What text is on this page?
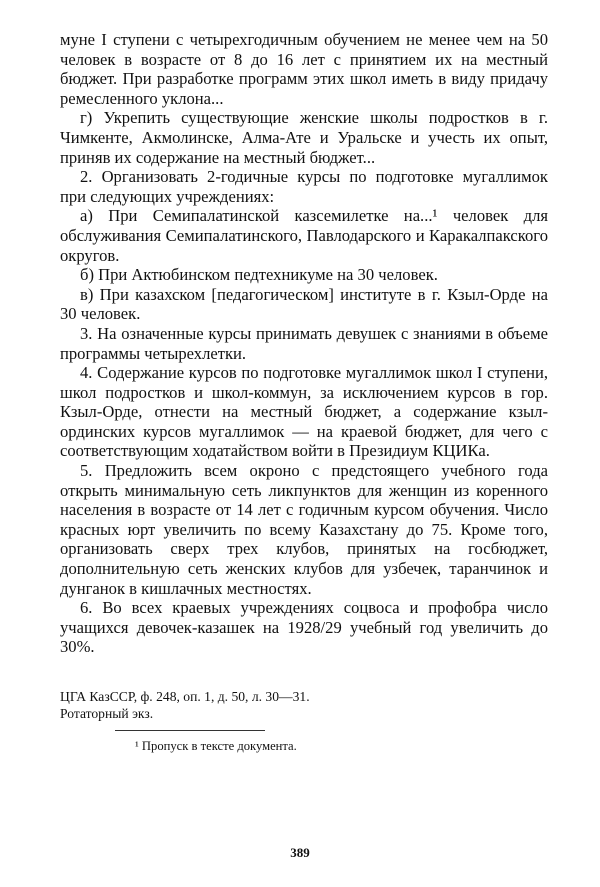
муне I ступени с четырехгодичным обучением не менее чем на 50 человек в возрасте от 8 до 16 лет с принятием их на местный бюджет. При разработке программ этих школ иметь в виду придачу ремесленного уклона...

г) Укрепить существующие женские школы подростков в г. Чимкенте, Акмолинске, Алма-Ате и Уральске и учесть их опыт, приняв их содержание на местный бюджет...

2. Организовать 2-годичные курсы по подготовке мугаллимок при следующих учреждениях:

а) При Семипалатинской казсемилетке на...¹ человек для обслуживания Семипалатинского, Павлодарского и Каракалпакского округов.

б) При Актюбинском педтехникуме на 30 человек.

в) При казахском [педагогическом] институте в г. Кзыл-Орде на 30 человек.

3. На означенные курсы принимать девушек с знаниями в объеме программы четырехлетки.

4. Содержание курсов по подготовке мугаллимок школ I ступени, школ подростков и школ-коммун, за исключением курсов в гор. Кзыл-Орде, отнести на местный бюджет, а содержание кзыл-ординских курсов мугаллимок — на краевой бюджет, для чего с соответствующим ходатайством войти в Президиум КЦИКа.

5. Предложить всем окроно с предстоящего учебного года открыть минимальную сеть ликпунктов для женщин из коренного населения в возрасте от 14 лет с годичным курсом обучения. Число красных юрт увеличить по всему Казахстану до 75. Кроме того, организовать сверх трех клубов, принятых на госбюджет, дополнительную сеть женских клубов для узбечек, таранчинок и дунганок в кишлачных местностях.

6. Во всех краевых учреждениях соцвоса и профобра число учащихся девочек-казашек на 1928/29 учебный год увеличить до 30%.

ЦГА КазССР, ф. 248, оп. 1, д. 50, л. 30—31.
Ротаторный экз.
¹ Пропуск в тексте документа.
389
